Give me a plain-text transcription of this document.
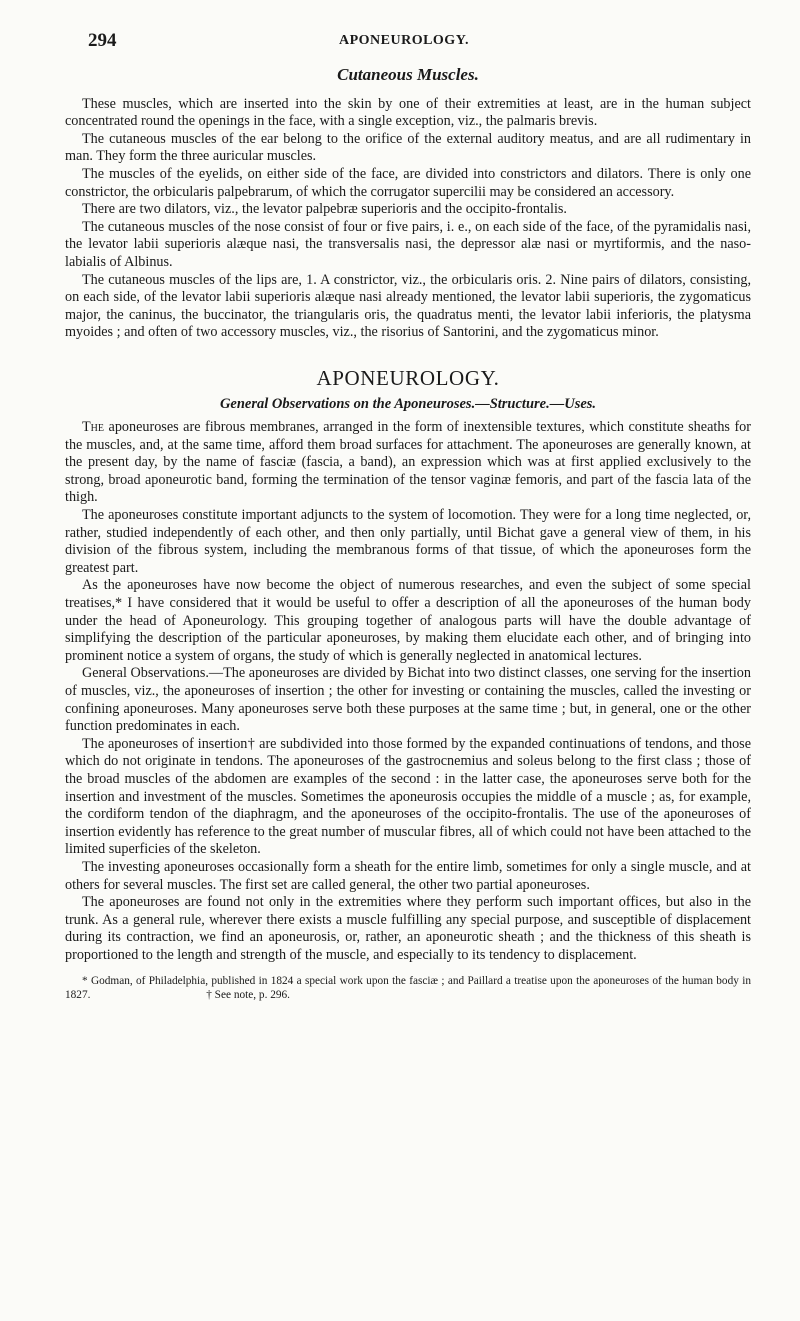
294	APONEUROLOGY.
Cutaneous Muscles.

These muscles, which are inserted into the skin by one of their extremities at least, are in the human subject concentrated round the openings in the face, with a single exception, viz., the palmaris brevis.

The cutaneous muscles of the ear belong to the orifice of the external auditory meatus, and are all rudimentary in man. They form the three auricular muscles.

The muscles of the eyelids, on either side of the face, are divided into constrictors and dilators. There is only one constrictor, the orbicularis palpebrarum, of which the corrugator supercilii may be considered an accessory.

There are two dilators, viz., the levator palpebræ superioris and the occipito-frontalis.

The cutaneous muscles of the nose consist of four or five pairs, i. e., on each side of the face, of the pyramidalis nasi, the levator labii superioris alæque nasi, the transversalis nasi, the depressor alæ nasi or myrtiformis, and the naso-labialis of Albinus.

The cutaneous muscles of the lips are, 1. A constrictor, viz., the orbicularis oris. 2. Nine pairs of dilators, consisting, on each side, of the levator labii superioris alæque nasi already mentioned, the levator labii superioris, the zygomaticus major, the caninus, the buccinator, the triangularis oris, the quadratus menti, the levator labii inferioris, the platysma myoides ; and often of two accessory muscles, viz., the risorius of Santorini, and the zygomaticus minor.

APONEUROLOGY.
General Observations on the Aponeuroses.—Structure.—Uses.

The aponeuroses are fibrous membranes, arranged in the form of inextensible textures, which constitute sheaths for the muscles, and, at the same time, afford them broad surfaces for attachment. The aponeuroses are generally known, at the present day, by the name of fasciæ (fascia, a band), an expression which was at first applied exclusively to the strong, broad aponeurotic band, forming the termination of the tensor vaginæ femoris, and part of the fascia lata of the thigh.

The aponeuroses constitute important adjuncts to the system of locomotion. They were for a long time neglected, or, rather, studied independently of each other, and then only partially, until Bichat gave a general view of them, in his division of the fibrous system, including the membranous forms of that tissue, of which the aponeuroses form the greatest part.

As the aponeuroses have now become the object of numerous researches, and even the subject of some special treatises,* I have considered that it would be useful to offer a description of all the aponeuroses of the human body under the head of Aponeurology. This grouping together of analogous parts will have the double advantage of simplifying the description of the particular aponeuroses, by making them elucidate each other, and of bringing into prominent notice a system of organs, the study of which is generally neglected in anatomical lectures.

General Observations.—The aponeuroses are divided by Bichat into two distinct classes, one serving for the insertion of muscles, viz., the aponeuroses of insertion ; the other for investing or containing the muscles, called the investing or confining aponeuroses. Many aponeuroses serve both these purposes at the same time ; but, in general, one or the other function predominates in each.

The aponeuroses of insertion† are subdivided into those formed by the expanded continuations of tendons, and those which do not originate in tendons. The aponeuroses of the gastrocnemius and soleus belong to the first class ; those of the broad muscles of the abdomen are examples of the second : in the latter case, the aponeuroses serve both for the insertion and investment of the muscles. Sometimes the aponeurosis occupies the middle of a muscle ; as, for example, the cordiform tendon of the diaphragm, and the aponeuroses of the occipito-frontalis. The use of the aponeuroses of insertion evidently has reference to the great number of muscular fibres, all of which could not have been attached to the limited superficies of the skeleton.

The investing aponeuroses occasionally form a sheath for the entire limb, sometimes for only a single muscle, and at others for several muscles. The first set are called general, the other two partial aponeuroses.

The aponeuroses are found not only in the extremities where they perform such important offices, but also in the trunk. As a general rule, wherever there exists a muscle fulfilling any special purpose, and susceptible of displacement during its contraction, we find an aponeurosis, or, rather, an aponeurotic sheath ; and the thickness of this sheath is proportioned to the length and strength of the muscle, and especially to its tendency to displacement.

* Godman, of Philadelphia, published in 1824 a special work upon the fasciæ ; and Paillard a treatise upon the aponeuroses of the human body in 1827.                                         † See note, p. 296.
